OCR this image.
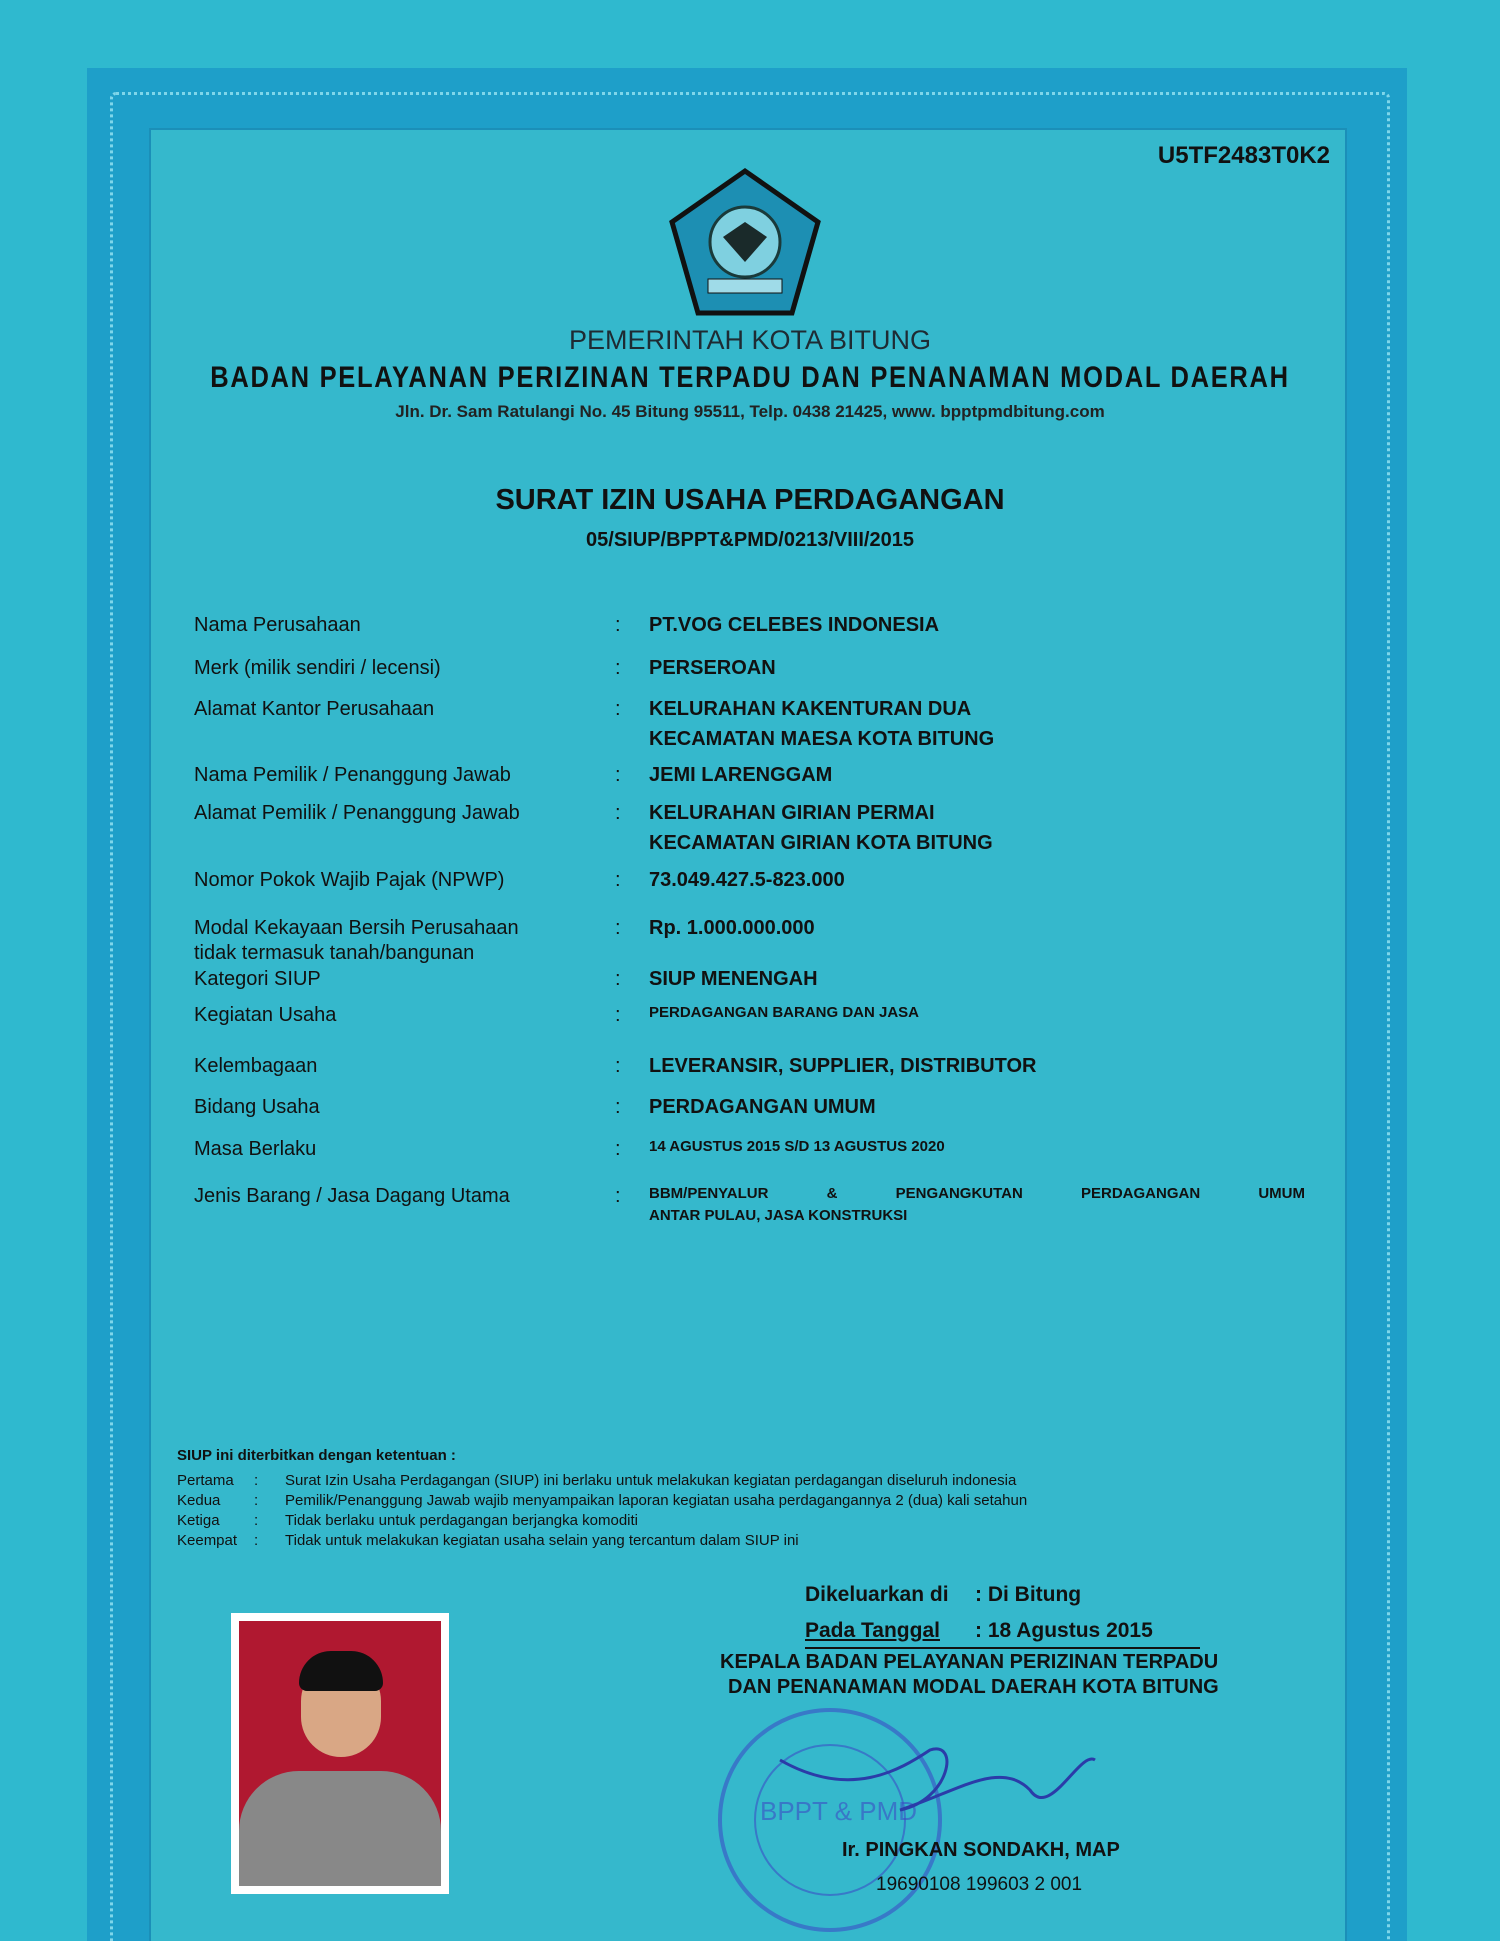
U5TF2483T0K2
PEMERINTAH KOTA BITUNG
BADAN PELAYANAN PERIZINAN TERPADU DAN PENANAMAN MODAL DAERAH
Jln. Dr. Sam Ratulangi No. 45 Bitung 95511, Telp. 0438 21425, www. bpptpmdbitung.com
SURAT IZIN USAHA PERDAGANGAN
05/SIUP/BPPT&PMD/0213/VIII/2015
Nama Perusahaan	: PT.VOG CELEBES INDONESIA
Merk (milik sendiri / lecensi)	: PERSEROAN
Alamat Kantor Perusahaan	: KELURAHAN KAKENTURAN DUA
KECAMATAN MAESA KOTA BITUNG
Nama Pemilik / Penanggung Jawab	: JEMI LARENGGAM
Alamat Pemilik / Penanggung Jawab	: KELURAHAN GIRIAN PERMAI
KECAMATAN GIRIAN KOTA BITUNG
Nomor Pokok Wajib Pajak (NPWP)	: 73.049.427.5-823.000
Modal Kekayaan Bersih Perusahaan
tidak termasuk tanah/bangunan
: Rp. 1.000.000.000
Kategori SIUP	: SIUP MENENGAH
Kegiatan Usaha	: PERDAGANGAN BARANG DAN JASA
Kelembagaan	: LEVERANSIR, SUPPLIER, DISTRIBUTOR
Bidang Usaha	: PERDAGANGAN UMUM
Masa Berlaku	: 14 AGUSTUS 2015 S/D 13 AGUSTUS 2020
Jenis Barang / Jasa Dagang Utama	: BBM/PENYALUR & PENGANGKUTAN PERDAGANGAN UMUM
ANTAR PULAU, JASA KONSTRUKSI
SIUP ini diterbitkan dengan ketentuan :
Pertama : Surat Izin Usaha Perdagangan (SIUP) ini berlaku untuk melakukan kegiatan perdagangan diseluruh indonesia
Kedua : Pemilik/Penanggung Jawab wajib menyampaikan laporan kegiatan usaha perdagangannya 2 (dua) kali setahun
Ketiga : Tidak berlaku untuk perdagangan berjangka komoditi
Keempat : Tidak untuk melakukan kegiatan usaha selain yang tercantum dalam SIUP ini
Dikeluarkan di : Di Bitung
Pada Tanggal : 18 Agustus 2015
KEPALA BADAN PELAYANAN PERIZINAN TERPADU
DAN PENANAMAN MODAL DAERAH KOTA BITUNG
BPPT & PMD
Ir. PINGKAN SONDAKH, MAP
19690108 199603 2 001
